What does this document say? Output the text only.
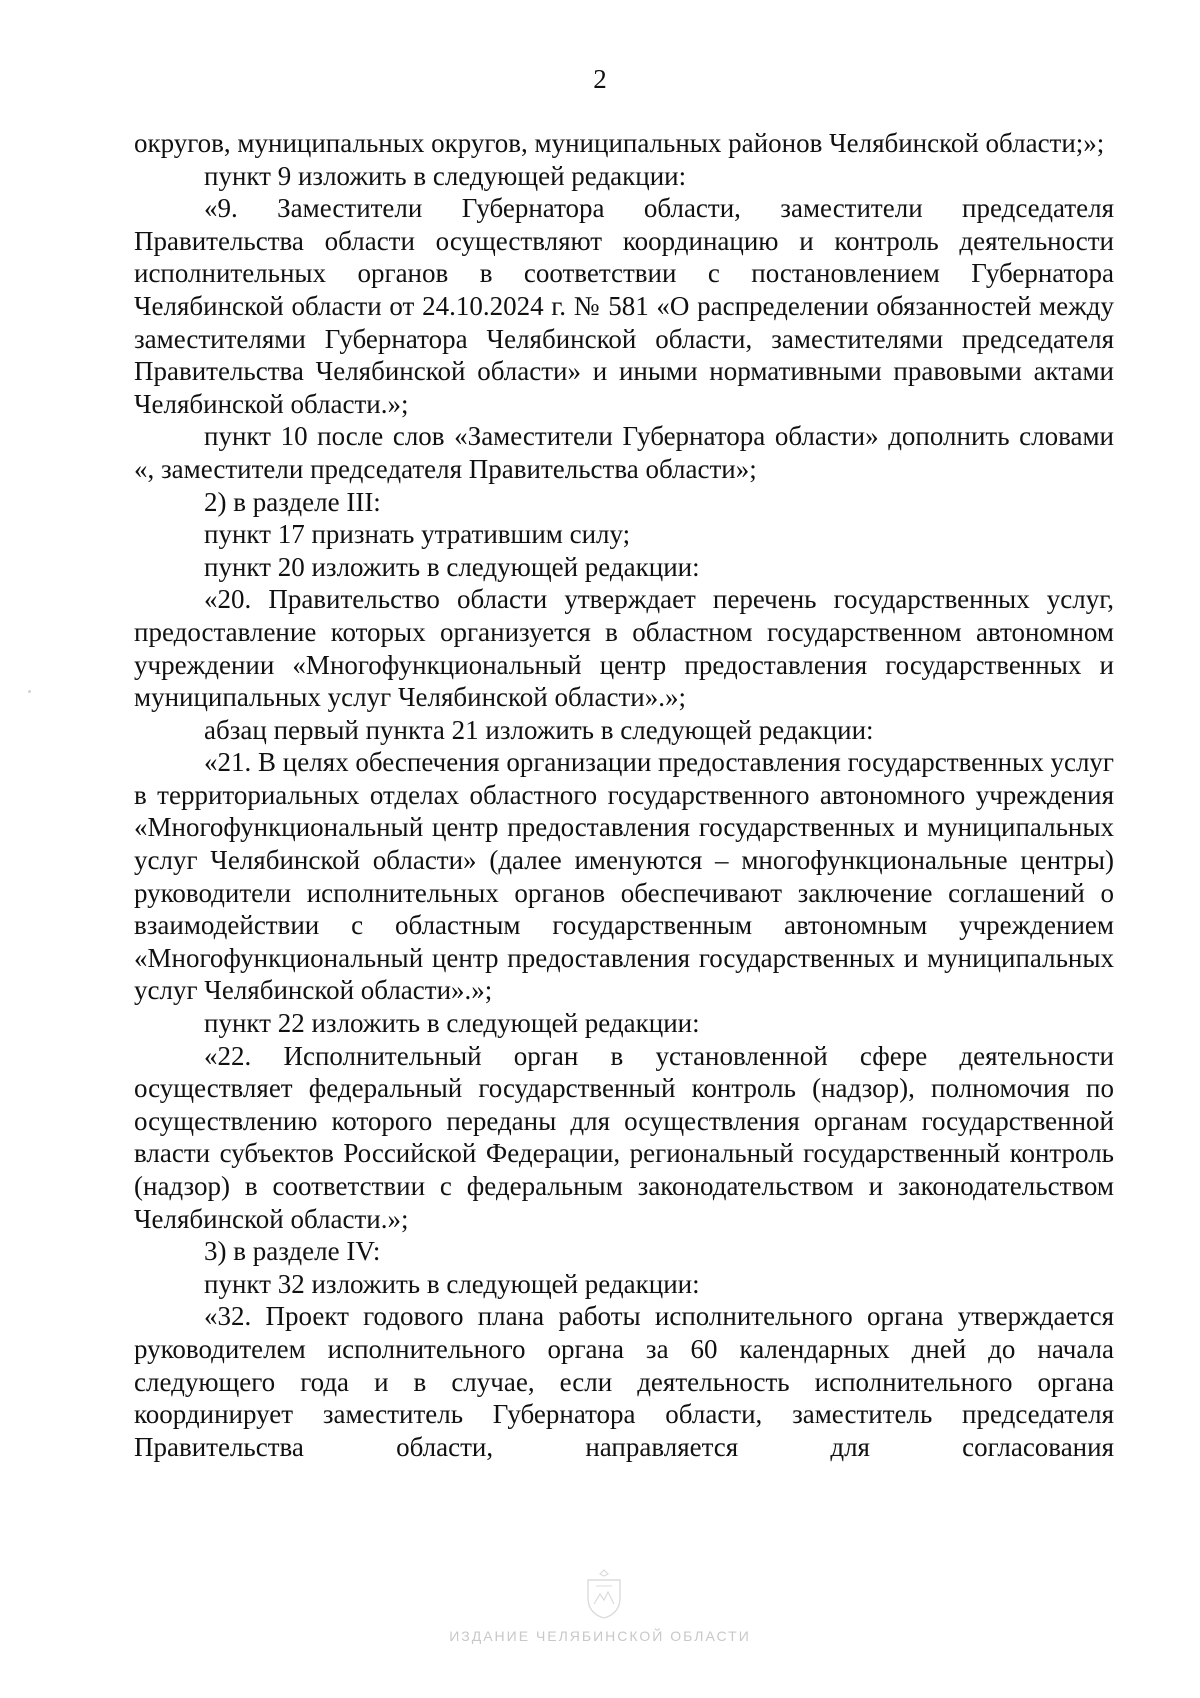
2

округов, муниципальных округов, муниципальных районов Челябинской области;»;

пункт 9 изложить в следующей редакции:

«9. Заместители Губернатора области, заместители председателя Правительства области осуществляют координацию и контроль деятельности исполнительных органов в соответствии с постановлением Губернатора Челябинской области от 24.10.2024 г. № 581 «О распределении обязанностей между заместителями Губернатора Челябинской области, заместителями председателя Правительства Челябинской области» и иными нормативными правовыми актами Челябинской области.»;

пункт 10 после слов «Заместители Губернатора области» дополнить словами «, заместители председателя Правительства области»;

2) в разделе III:

пункт 17 признать утратившим силу;

пункт 20 изложить в следующей редакции:

«20. Правительство области утверждает перечень государственных услуг, предоставление которых организуется в областном государственном автономном учреждении «Многофункциональный центр предоставления государственных и муниципальных услуг Челябинской области».»;

абзац первый пункта 21 изложить в следующей редакции:

«21. В целях обеспечения организации предоставления государственных услуг в территориальных отделах областного государственного автономного учреждения «Многофункциональный центр предоставления государственных и муниципальных услуг Челябинской области» (далее именуются – многофункциональные центры) руководители исполнительных органов обеспечивают заключение соглашений о взаимодействии с областным государственным автономным учреждением «Многофункциональный центр предоставления государственных и муниципальных услуг Челябинской области».»;

пункт 22 изложить в следующей редакции:

«22. Исполнительный орган в установленной сфере деятельности осуществляет федеральный государственный контроль (надзор), полномочия по осуществлению которого переданы для осуществления органам государственной власти субъектов Российской Федерации, региональный государственный контроль (надзор) в соответствии с федеральным законодательством и законодательством Челябинской области.»;

3) в разделе IV:

пункт 32 изложить в следующей редакции:

«32. Проект годового плана работы исполнительного органа утверждается руководителем исполнительного органа за 60 календарных дней до начала следующего года и в случае, если деятельность исполнительного органа координирует заместитель Губернатора области, заместитель председателя Правительства области, направляется для согласования

ИЗДАНИЕ ЧЕЛЯБИНСКОЙ ОБЛАСТИ
